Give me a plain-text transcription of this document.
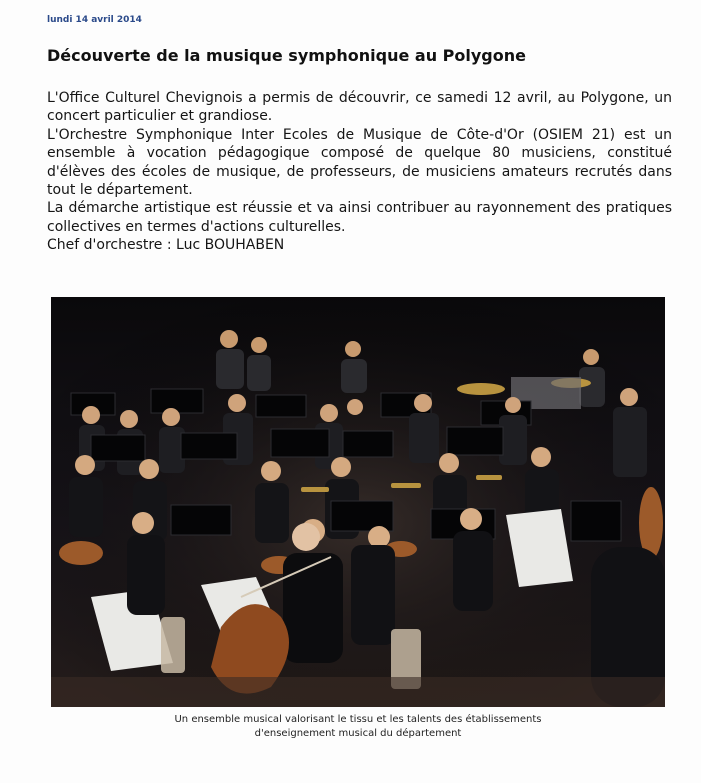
lundi 14 avril 2014
Découverte de la musique symphonique au Polygone

L'Office Culturel Chevignois a permis de découvrir, ce samedi 12 avril, au Polygone, un concert particulier et grandiose.

L'Orchestre Symphonique Inter Ecoles de Musique de Côte-d'Or (OSIEM 21) est un ensemble à vocation pédagogique composé de quelque 80 musiciens, constitué d'élèves des écoles de musique, de professeurs, de musiciens amateurs recrutés dans tout le département.

La démarche artistique est réussie et va ainsi contribuer au rayonnement des pratiques collectives en termes d'actions culturelles.

Chef d'orchestre : Luc BOUHABEN

Un ensemble musical valorisant le tissu et les talents des établissements
d'enseignement musical du département
